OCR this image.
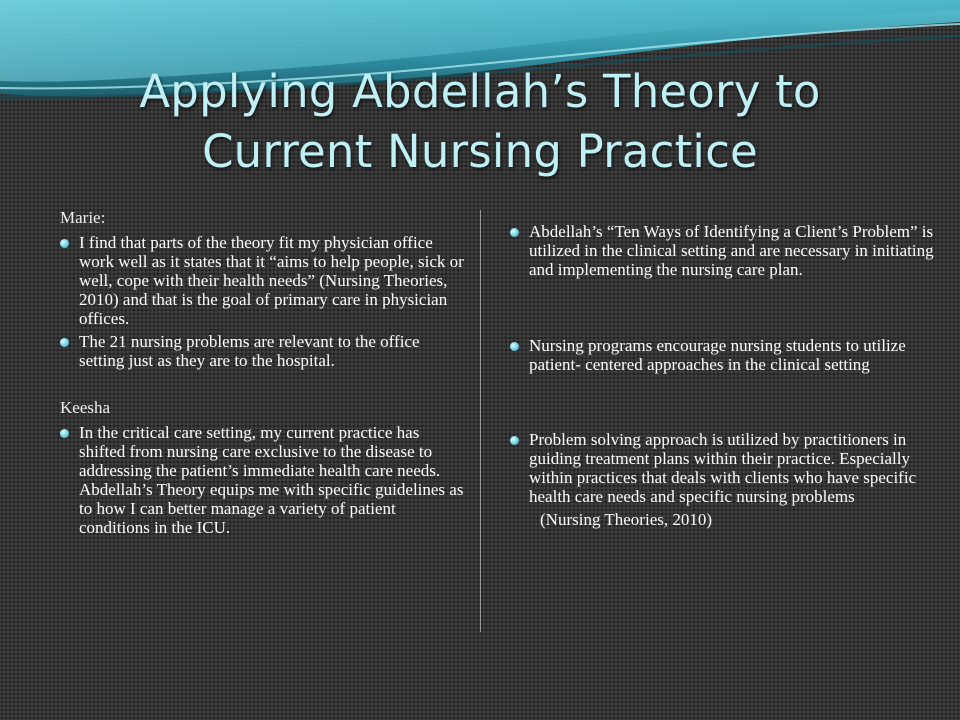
Applying Abdellah’s Theory to
Current Nursing Practice

Marie:

I find that parts of the theory fit my physician office work well as it states that it “aims to help people, sick or well, cope with their health needs” (Nursing Theories, 2010) and that is the goal of primary care in physician offices.
The 21 nursing problems are relevant to the office setting just as they are to the hospital.

Keesha

In the critical care setting, my current practice has shifted from nursing care exclusive to the disease to addressing the patient’s immediate health care needs. Abdellah’s Theory equips me with specific guidelines as to how I can better manage a variety of patient conditions in the ICU.
Abdellah’s “Ten Ways of Identifying a Client’s Problem” is utilized in the clinical setting and are necessary in initiating and implementing the nursing care plan.
Nursing programs encourage nursing students to utilize patient- centered approaches in the clinical setting
Problem solving approach is utilized by practitioners in guiding treatment plans within their practice. Especially within practices that deals with clients who have specific health care needs and specific nursing problems

(Nursing Theories, 2010)
